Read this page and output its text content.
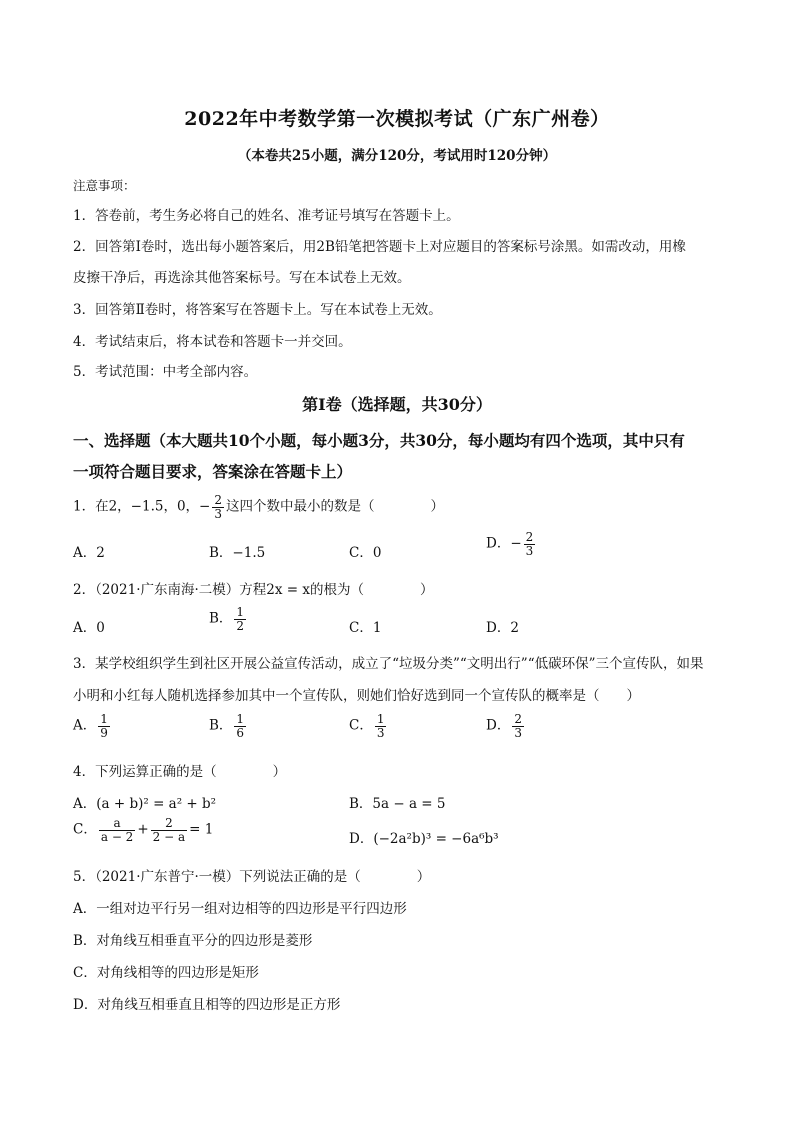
2022年中考数学第一次模拟考试（广东广州卷）
（本卷共25小题，满分120分，考试用时120分钟）
注意事项：
1．答卷前，考生务必将自己的姓名、准考证号填写在答题卡上。
2．回答第Ⅰ卷时，选出每小题答案后，用2B铅笔把答题卡上对应题目的答案标号涂黑。如需改动，用橡
皮擦干净后，再选涂其他答案标号。写在本试卷上无效。
3．回答第Ⅱ卷时，将答案写在答题卡上。写在本试卷上无效。
4．考试结束后，将本试卷和答题卡一并交回。
5．考试范围：中考全部内容。
第Ⅰ卷（选择题，共30分）
一、选择题（本大题共10个小题，每小题3分，共30分，每小题均有四个选项，其中只有
一项符合题目要求，答案涂在答题卡上）
1．在2，−1.5，0，− $\frac{2}{3}$ 这四个数中最小的数是（	）
A．2	B．−1.5	C．0
D．− $\frac{2}{3}$
2．（2021·广东南海·二模）方程2x = x的根为（	）
A．0
B． $\frac{1}{2}$	C．1	D．2
3．某学校组织学生到社区开展公益宣传活动，成立了“垃圾分类”“文明出行”“低碳环保”三个宣传队，如果
小明和小红每人随机选择参加其中一个宣传队，则她们恰好选到同一个宣传队的概率是（　　）
A． $\frac{1}{9}$	B． $\frac{1}{6}$	C． $\frac{1}{3}$	D． $\frac{2}{3}$
4．下列运算正确的是（	）
A．(a + b)² = a² + b²	B．5a − a = 5
C． $\frac{a}{a - 2} + \frac{2}{2 - a} = 1$
D．(−2a²b)³ = −6a⁶b³
5．（2021·广东普宁·一模）下列说法正确的是（	）
A．一组对边平行另一组对边相等的四边形是平行四边形
B．对角线互相垂直平分的四边形是菱形
C．对角线相等的四边形是矩形
D．对角线互相垂直且相等的四边形是正方形
